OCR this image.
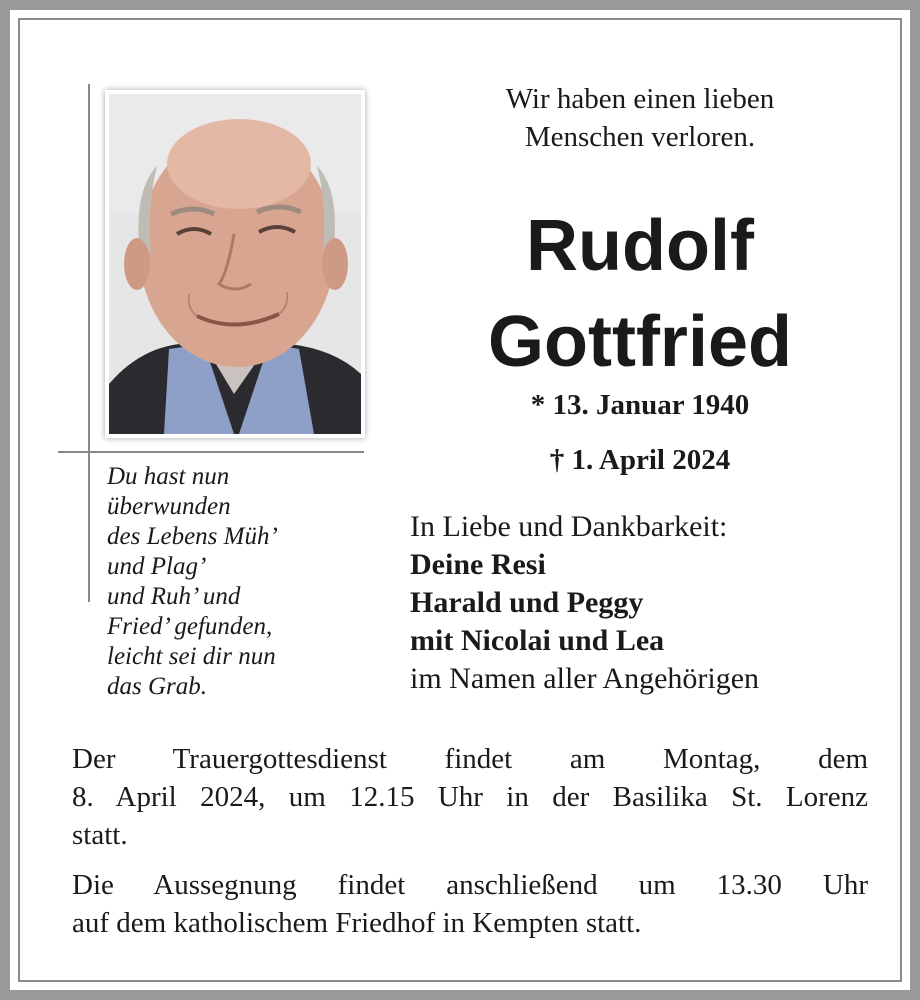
Du hast nun
überwunden
des Lebens Müh’
und Plag’
und Ruh’ und
Fried’ gefunden,
leicht sei dir nun
das Grab.
Wir haben einen lieben
Menschen verloren.
Rudolf
Gottfried
* 13. Januar 1940
† 1. April 2024
In Liebe und Dankbarkeit:
Deine Resi
Harald und Peggy
mit Nicolai und Lea
im Namen aller Angehörigen
Der Trauergottesdienst findet am Montag, dem
8. April 2024, um 12.15 Uhr in der Basilika St. Lorenz
statt.
Die Aussegnung findet anschließend um 13.30 Uhr
auf dem katholischem Friedhof in Kempten statt.
